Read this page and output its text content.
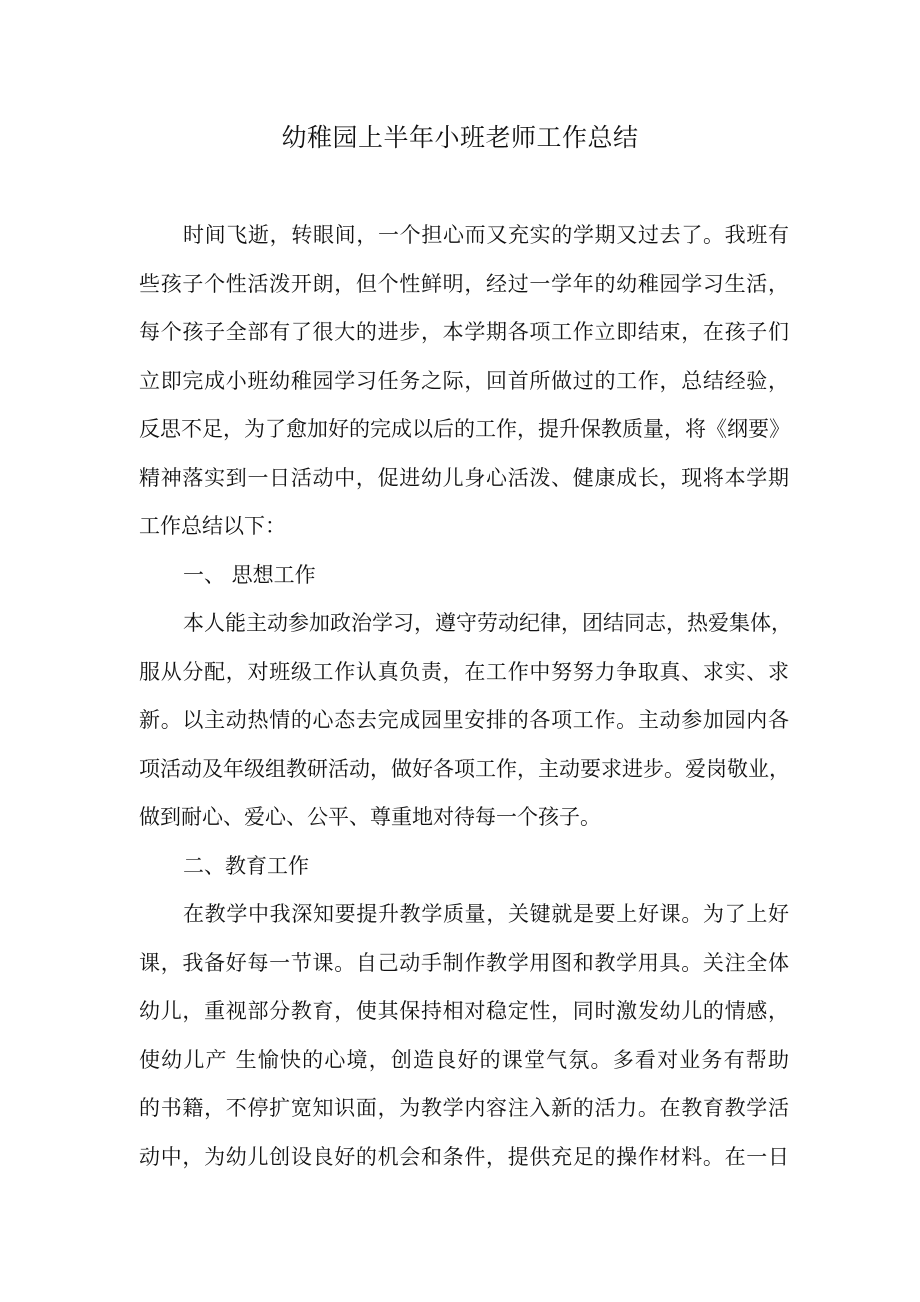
幼稚园上半年小班老师工作总结
时间飞逝，转眼间，一个担心而又充实的学期又过去了。我班有
些孩子个性活泼开朗，但个性鲜明，经过一学年的幼稚园学习生活，
每个孩子全部有了很大的进步，本学期各项工作立即结束，在孩子们
立即完成小班幼稚园学习任务之际，回首所做过的工作，总结经验，
反思不足，为了愈加好的完成以后的工作，提升保教质量，将《纲要》
精神落实到一日活动中，促进幼儿身心活泼、健康成长，现将本学期
工作总结以下：
一、 思想工作
本人能主动参加政治学习，遵守劳动纪律，团结同志，热爱集体，
服从分配，对班级工作认真负责，在工作中努努力争取真、求实、求
新。以主动热情的心态去完成园里安排的各项工作。主动参加园内各
项活动及年级组教研活动，做好各项工作，主动要求进步。爱岗敬业，
做到耐心、爱心、公平、尊重地对待每一个孩子。
二、教育工作
在教学中我深知要提升教学质量，关键就是要上好课。为了上好
课，我备好每一节课。自己动手制作教学用图和教学用具。关注全体
幼儿，重视部分教育，使其保持相对稳定性，同时激发幼儿的情感，
使幼儿产 生愉快的心境，创造良好的课堂气氛。多看对业务有帮助
的书籍，不停扩宽知识面，为教学内容注入新的活力。在教育教学活
动中，为幼儿创设良好的机会和条件，提供充足的操作材料。在一日
